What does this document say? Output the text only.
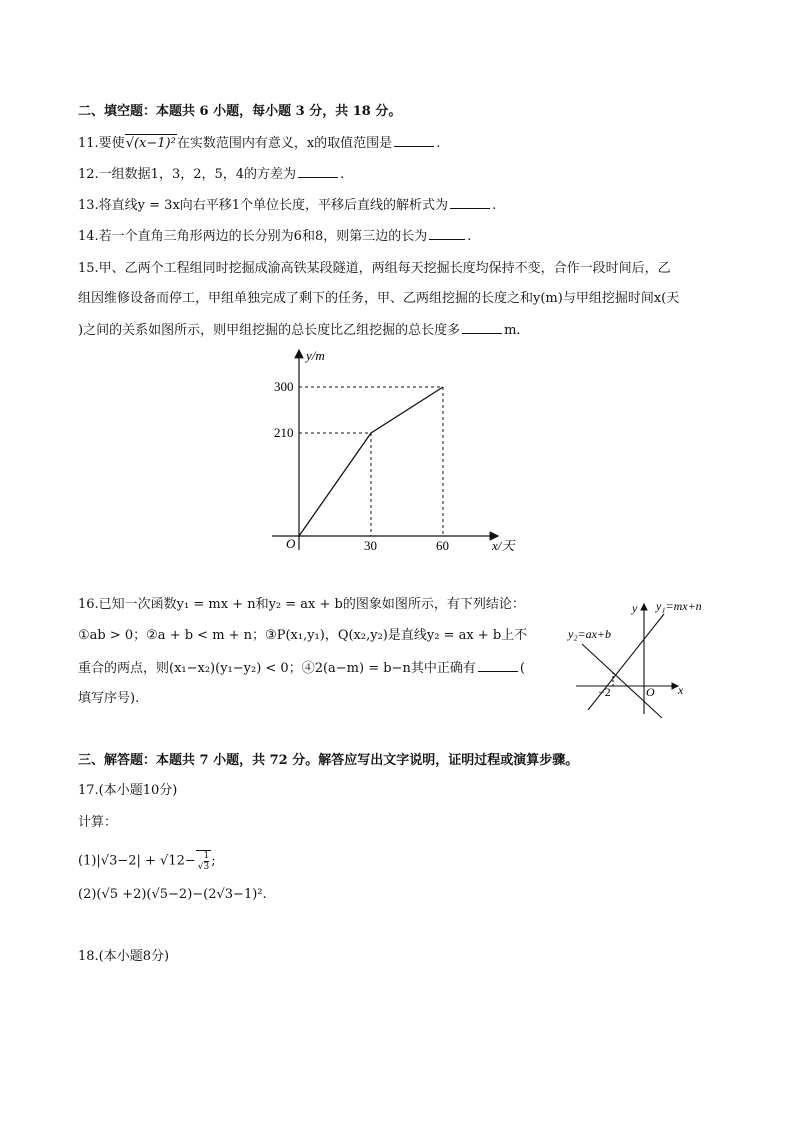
二、填空题：本题共 6 小题，每小题 3 分，共 18 分。
11.要使√(x−1)²在实数范围内有意义，x的取值范围是	.
12.一组数据1，3，2，5，4的方差为	.
13.将直线y = 3x向右平移1个单位长度，平移后直线的解析式为	.
14.若一个直角三角形两边的长分别为6和8，则第三边的长为	.
15.甲、乙两个工程组同时挖掘成渝高铁某段隧道，两组每天挖掘长度均保持不变，合作一段时间后，乙
组因维修设备而停工，甲组单独完成了剩下的任务，甲、乙两组挖掘的长度之和y(m)与甲组挖掘时间x(天
)之间的关系如图所示，则甲组挖掘的总长度比乙组挖掘的总长度多	m.
y/m
x/天
O
300
210
30	60
16.已知一次函数y₁ = mx + n和y₂ = ax + b的图象如图所示，有下列结论：
①ab > 0；②a + b < m + n；③P(x₁,y₁)，Q(x₂,y₂)是直线y₂ = ax + b上不
重合的两点，则(x₁−x₂)(y₁−y₂) < 0；④2(a−m) = b−n其中正确有	(
填写序号).
y
x
O
−2
y₁=mx+n
y₂=ax+b
三、解答题：本题共 7 小题，共 72 分。解答应写出文字说明，证明过程或演算步骤。
17.(本小题10分)
计算：
(1)|√3−2| + √12− √ $\frac{1}{3}$ ;
(2)(√5 +2)(√5−2)−(2√3−1)².
18.(本小题8分)
